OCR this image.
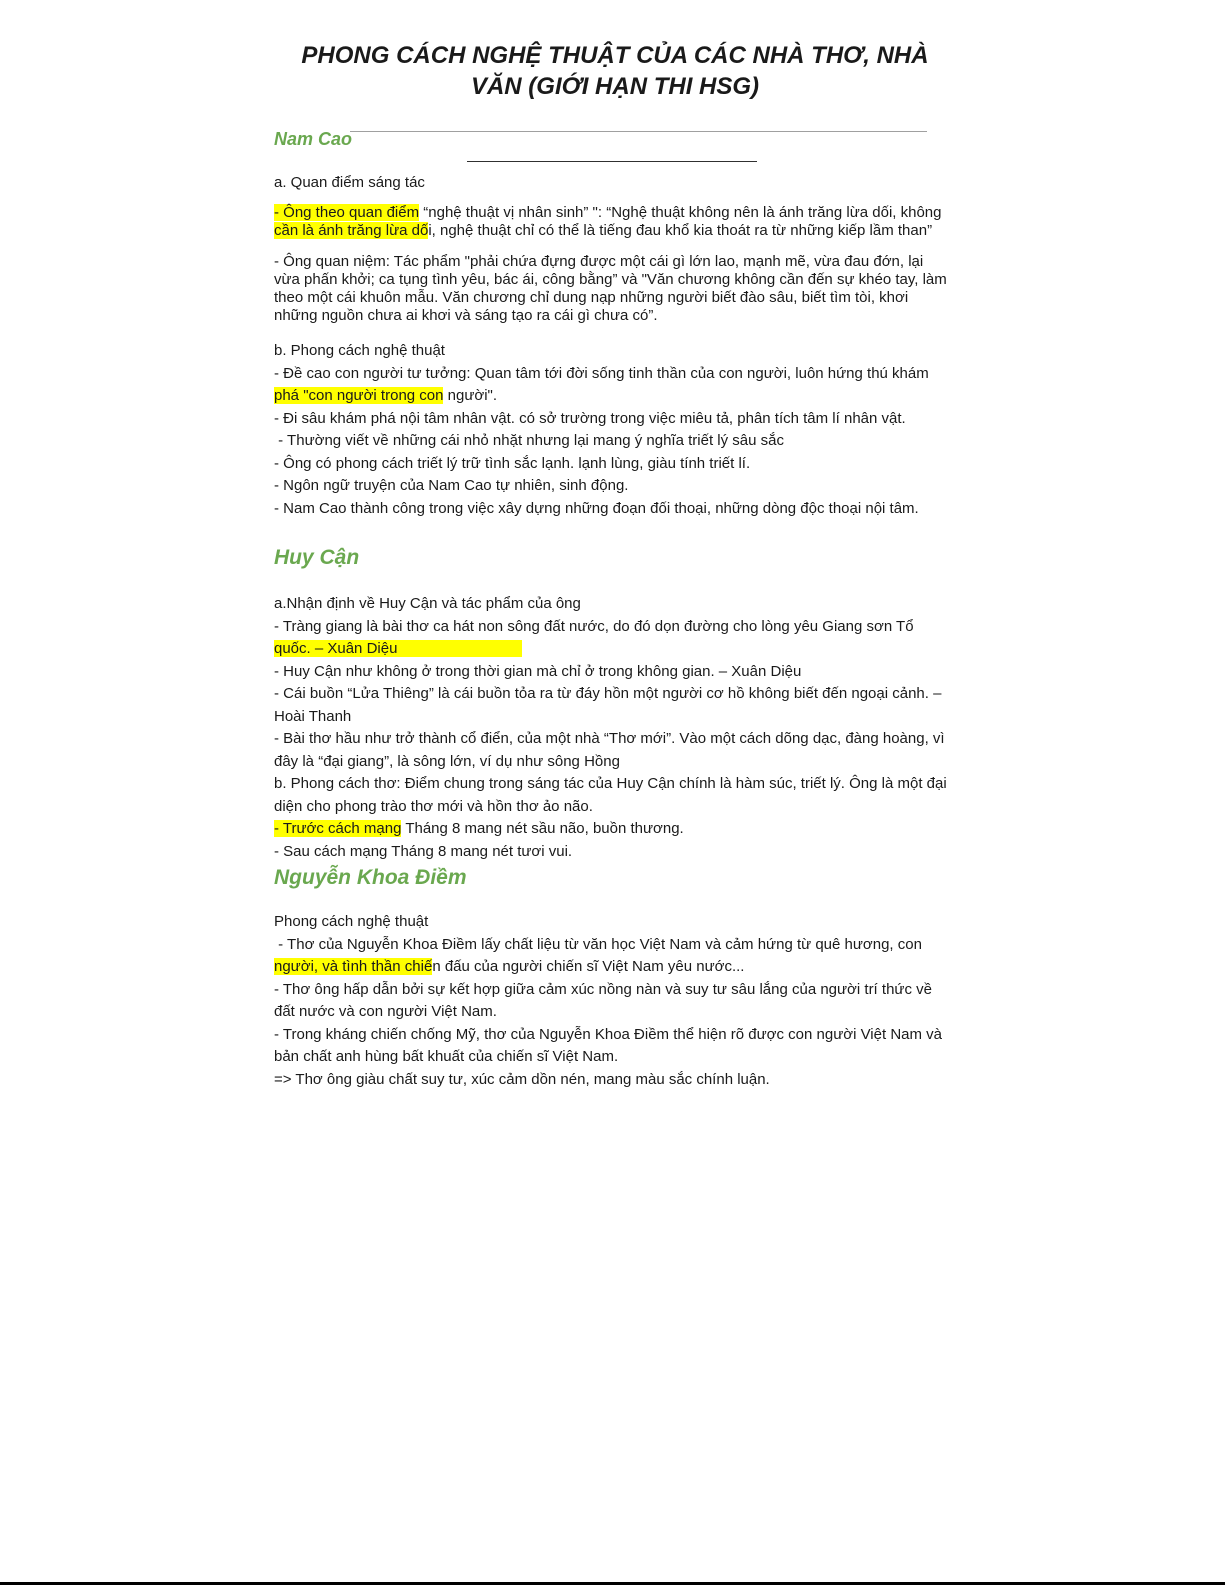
PHONG CÁCH NGHỆ THUẬT CỦA CÁC NHÀ THƠ, NHÀ
VĂN (GIỚI HẠN THI HSG)
Nam Cao
a. Quan điểm sáng tác
- Ông theo quan điểm “nghệ thuật vị nhân sinh” ": “Nghệ thuật không nên là ánh trăng lừa dối, không
cần là ánh trăng lừa dối, nghệ thuật chỉ có thể là tiếng đau khổ kia thoát ra từ những kiếp lầm than”
- Ông quan niệm: Tác phẩm "phải chứa đựng được một cái gì lớn lao, mạnh mẽ, vừa đau đớn, lại
vừa phấn khởi; ca tụng tình yêu, bác ái, công bằng” và "Văn chương không cần đến sự khéo tay, làm
theo một cái khuôn mẫu. Văn chương chỉ dung nạp những người biết đào sâu, biết tìm tòi, khơi
những nguồn chưa ai khơi và sáng tạo ra cái gì chưa có”.
b. Phong cách nghệ thuật
- Đề cao con người tư tưởng: Quan tâm tới đời sống tinh thần của con người, luôn hứng thú khám
phá "con người trong con người".
- Đi sâu khám phá nội tâm nhân vật. có sở trường trong việc miêu tả, phân tích tâm lí nhân vật.
- Thường viết về những cái nhỏ nhặt nhưng lại mang ý nghĩa triết lý sâu sắc
- Ông có phong cách triết lý trữ tình sắc lạnh. lạnh lùng, giàu tính triết lí.
- Ngôn ngữ truyện của Nam Cao tự nhiên, sinh động.
- Nam Cao thành công trong việc xây dựng những đoạn đối thoại, những dòng độc thoại nội tâm.
Huy Cận
a.Nhận định về Huy Cận và tác phẩm của ông
- Tràng giang là bài thơ ca hát non sông đất nước, do đó dọn đường cho lòng yêu Giang sơn Tổ
quốc. – Xuân Diệu
- Huy Cận như không ở trong thời gian mà chỉ ở trong không gian. – Xuân Diệu
- Cái buồn “Lửa Thiêng” là cái buồn tỏa ra từ đáy hồn một người cơ hồ không biết đến ngoại cảnh. –
Hoài Thanh
- Bài thơ hầu như trở thành cổ điển, của một nhà “Thơ mới”. Vào một cách dõng dạc, đàng hoàng, vì
đây là “đại giang”, là sông lớn, ví dụ như sông Hồng
b. Phong cách thơ: Điểm chung trong sáng tác của Huy Cận chính là hàm súc, triết lý. Ông là một đại
diện cho phong trào thơ mới và hồn thơ ảo não.
- Trước cách mạng Tháng 8 mang nét sầu não, buồn thương.
- Sau cách mạng Tháng 8 mang nét tươi vui.
Nguyễn Khoa Điềm
Phong cách nghệ thuật
- Thơ của Nguyễn Khoa Điềm lấy chất liệu từ văn học Việt Nam và cảm hứng từ quê hương, con
người, và tình thần chiến đấu của người chiến sĩ Việt Nam yêu nước...
- Thơ ông hấp dẫn bởi sự kết hợp giữa cảm xúc nồng nàn và suy tư sâu lắng của người trí thức về
đất nước và con người Việt Nam.
- Trong kháng chiến chống Mỹ, thơ của Nguyễn Khoa Điềm thể hiện rõ được con người Việt Nam và
bản chất anh hùng bất khuất của chiến sĩ Việt Nam.
=> Thơ ông giàu chất suy tư, xúc cảm dồn nén, mang màu sắc chính luận.
